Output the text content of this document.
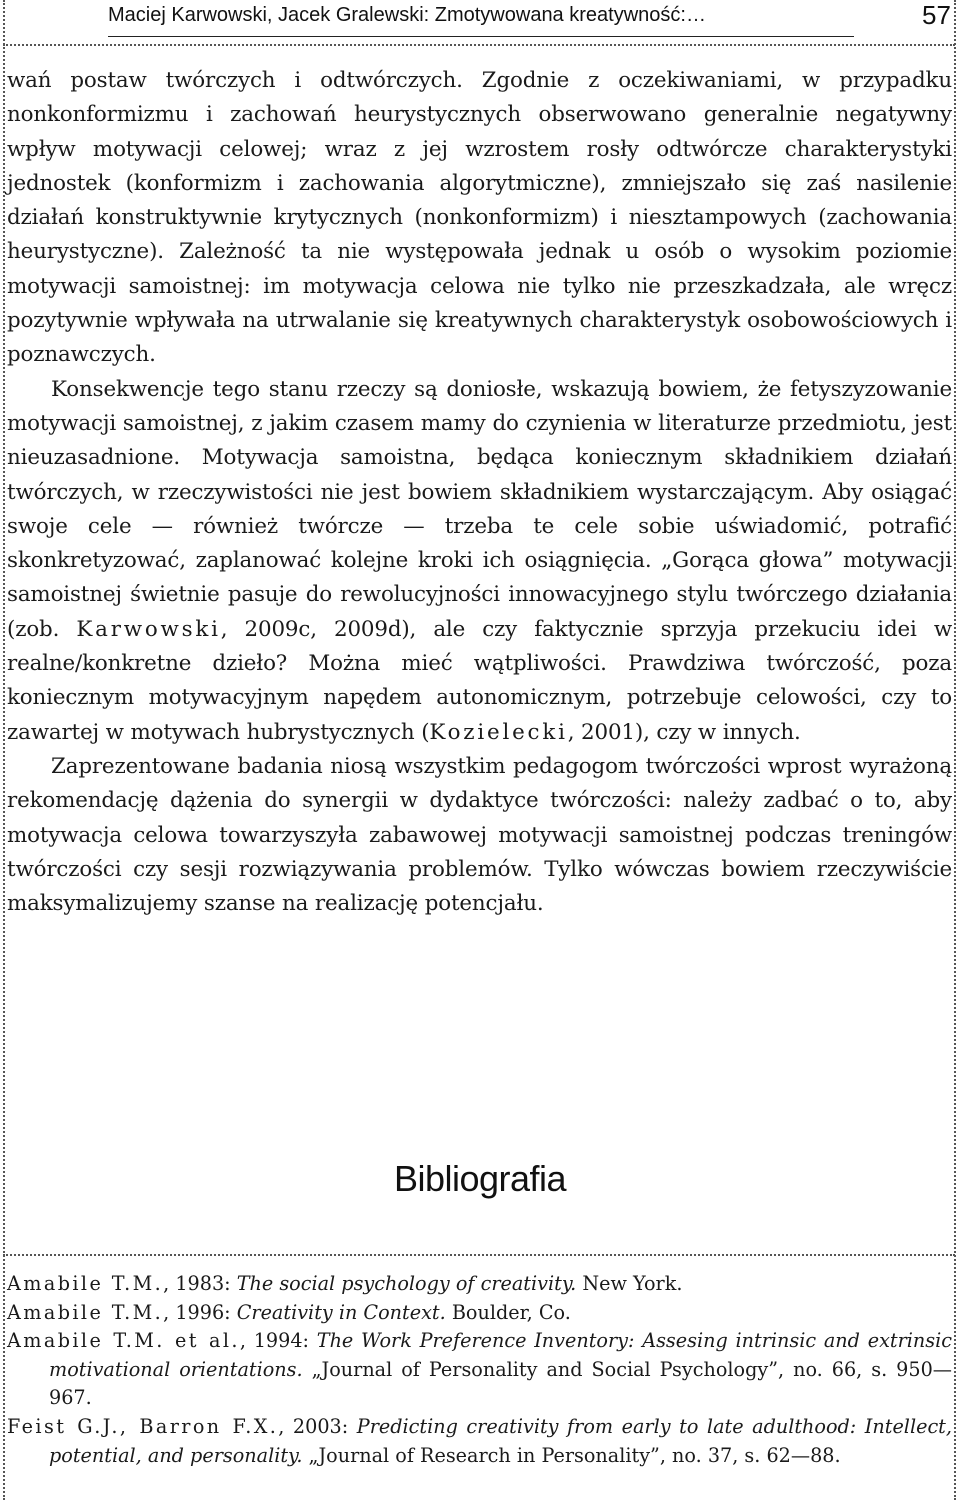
Maciej Karwowski, Jacek Gralewski: Zmotywowana kreatywność:…	57

wań postaw twórczych i odtwórczych. Zgodnie z oczekiwaniami, w przypadku nonkonformizmu i zachowań heurystycznych obserwowano generalnie negatywny wpływ motywacji celowej; wraz z jej wzrostem rosły odtwórcze charakterystyki jednostek (konformizm i zachowania algorytmiczne), zmniejszało się zaś nasilenie działań konstruktywnie krytycznych (nonkonformizm) i niesztampowych (zachowania heurystyczne). Zależność ta nie występowała jednak u osób o wysokim poziomie motywacji samoistnej: im motywacja celowa nie tylko nie przeszkadzała, ale wręcz pozytywnie wpływała na utrwalanie się kreatywnych charakterystyk osobowościowych i poznawczych.

Konsekwencje tego stanu rzeczy są doniosłe, wskazują bowiem, że fetyszyzowanie motywacji samoistnej, z jakim czasem mamy do czynienia w literaturze przedmiotu, jest nieuzasadnione. Motywacja samoistna, będąca koniecznym składnikiem działań twórczych, w rzeczywistości nie jest bowiem składnikiem wystarczającym. Aby osiągać swoje cele — również twórcze — trzeba te cele sobie uświadomić, potrafić skonkretyzować, zaplanować kolejne kroki ich osiągnięcia. „Gorąca głowa” motywacji samoistnej świetnie pasuje do rewolucyjności innowacyjnego stylu twórczego działania (zob. Karwowski, 2009c, 2009d), ale czy faktycznie sprzyja przekuciu idei w realne/konkretne dzieło? Można mieć wątpliwości. Prawdziwa twórczość, poza koniecznym motywacyjnym napędem autonomicznym, potrzebuje celowości, czy to zawartej w motywach hubrystycznych (Kozielecki, 2001), czy w innych.

Zaprezentowane badania niosą wszystkim pedagogom twórczości wprost wyrażoną rekomendację dążenia do synergii w dydaktyce twórczości: należy zadbać o to, aby motywacja celowa towarzyszyła zabawowej motywacji samoistnej podczas treningów twórczości czy sesji rozwiązywania problemów. Tylko wówczas bowiem rzeczywiście maksymalizujemy szanse na realizację potencjału.

Bibliografia

Amabile T.M., 1983: The social psychology of creativity. New York.

Amabile T.M., 1996: Creativity in Context. Boulder, Co.

Amabile T.M. et al., 1994: The Work Preference Inventory: Assesing intrinsic and extrinsic motivational orientations. „Journal of Personality and Social Psychology”, no. 66, s. 950—967.

Feist G.J., Barron F.X., 2003: Predicting creativity from early to late adulthood: Intellect, potential, and personality. „Journal of Research in Personality”, no. 37, s. 62—88.
